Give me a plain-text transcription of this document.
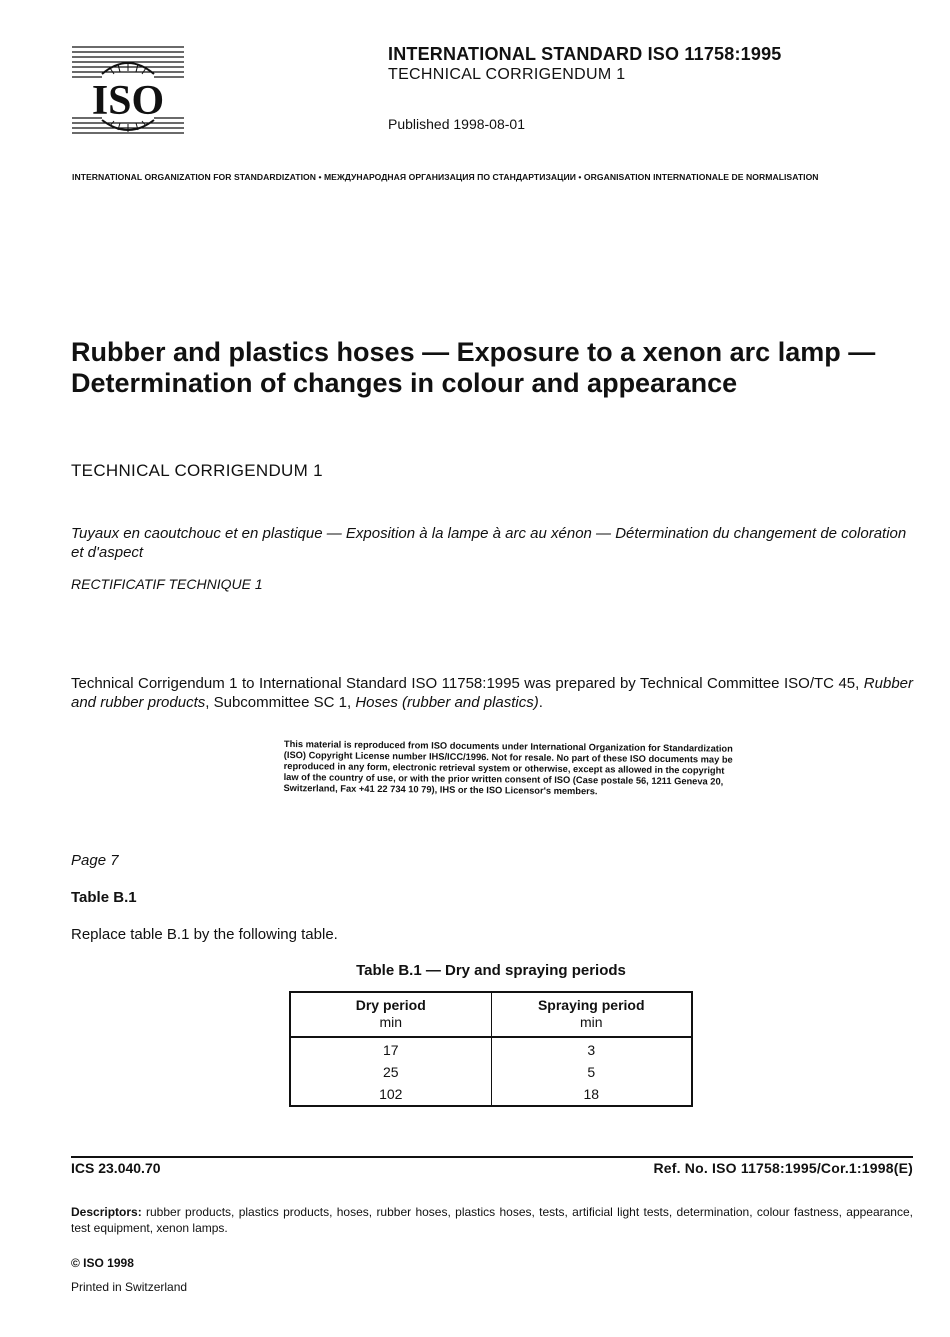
ISO
INTERNATIONAL STANDARD ISO 11758:1995
TECHNICAL CORRIGENDUM 1
Published 1998-08-01
INTERNATIONAL ORGANIZATION FOR STANDARDIZATION • МЕЖДУНАРОДНАЯ ОРГАНИЗАЦИЯ ПО СТАНДАРТИЗАЦИИ • ORGANISATION INTERNATIONALE DE NORMALISATION
Rubber and plastics hoses — Exposure to a xenon arc lamp — Determination of changes in colour and appearance
TECHNICAL CORRIGENDUM 1
Tuyaux en caoutchouc et en plastique — Exposition à la lampe à arc au xénon — Détermination du changement de coloration et d'aspect
RECTIFICATIF TECHNIQUE 1
Technical Corrigendum 1 to International Standard ISO 11758:1995 was prepared by Technical Committee ISO/TC 45, Rubber and rubber products, Subcommittee SC 1, Hoses (rubber and plastics).
This material is reproduced from ISO documents under International Organization for Standardization (ISO) Copyright License number IHS/ICC/1996. Not for resale. No part of these ISO documents may be reproduced in any form, electronic retrieval system or otherwise, except as allowed in the copyright law of the country of use, or with the prior written consent of ISO (Case postale 56, 1211 Geneva 20, Switzerland, Fax +41 22 734 10 79), IHS or the ISO Licensor's members.
Page 7
Table B.1
Replace table B.1 by the following table.
Table B.1 — Dry and spraying periods
Dry period	Spraying period
min	min
17	3
25	5
102	18
ICS 23.040.70	Ref. No. ISO 11758:1995/Cor.1:1998(E)
Descriptors: rubber products, plastics products, hoses, rubber hoses, plastics hoses, tests, artificial light tests, determination, colour fastness, appearance, test equipment, xenon lamps.
© ISO 1998
Printed in Switzerland
